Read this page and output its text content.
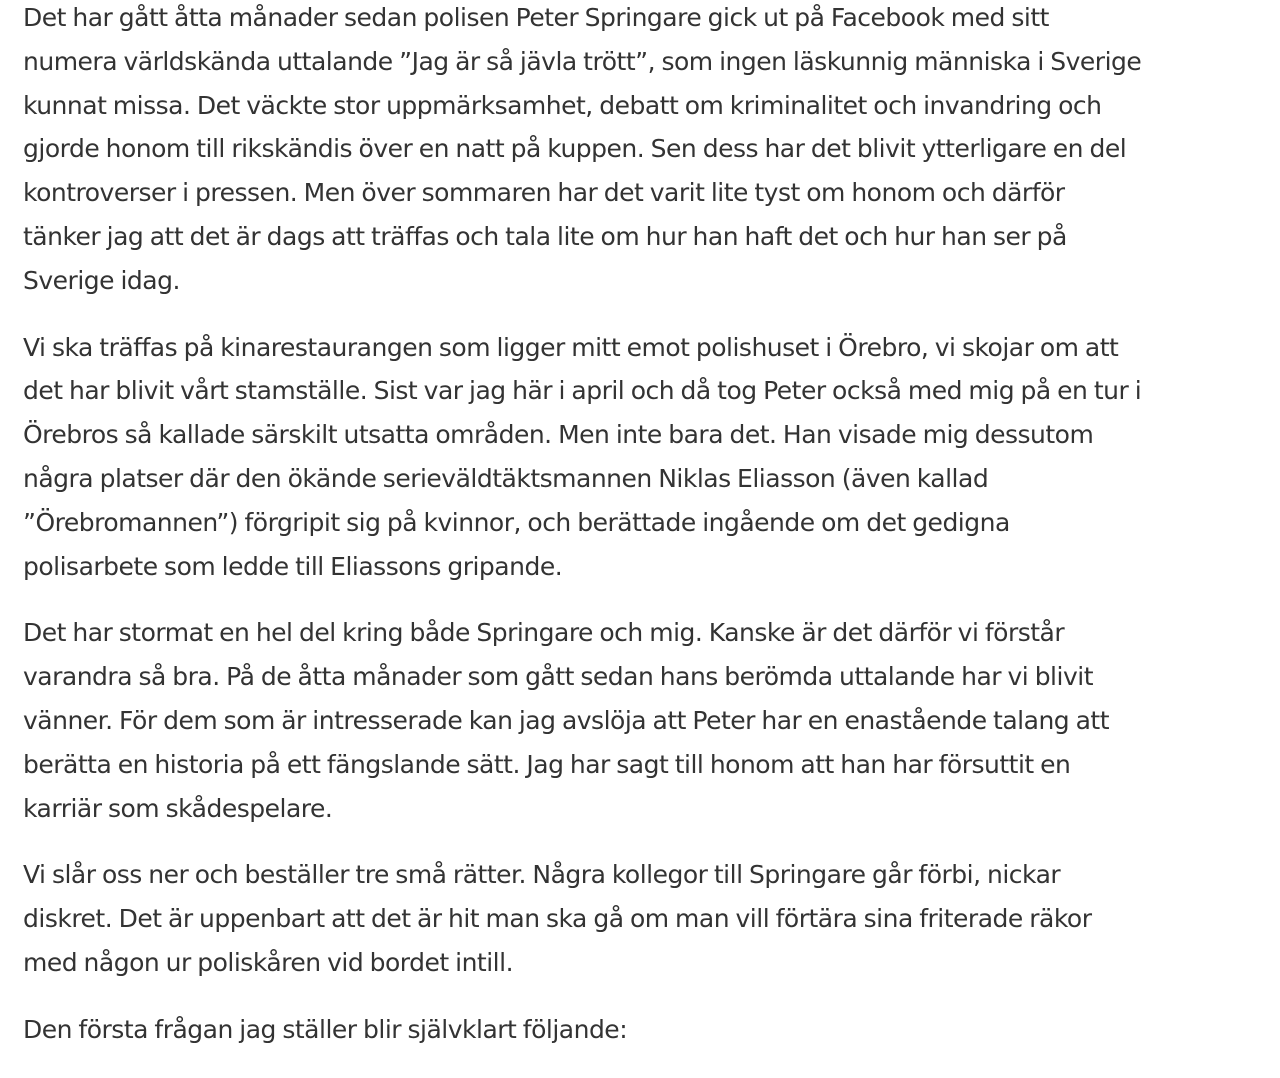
Det har gått åtta månader sedan polisen Peter Springare gick ut på Facebook med sitt
numera världskända uttalande ”Jag är så jävla trött”, som ingen läskunnig människa i Sverige
kunnat missa. Det väckte stor uppmärksamhet, debatt om kriminalitet och invandring och
gjorde honom till rikskändis över en natt på kuppen. Sen dess har det blivit ytterligare en del
kontroverser i pressen. Men över sommaren har det varit lite tyst om honom och därför
tänker jag att det är dags att träffas och tala lite om hur han haft det och hur han ser på
Sverige idag.

Vi ska träffas på kinarestaurangen som ligger mitt emot polishuset i Örebro, vi skojar om att
det har blivit vårt stamställe. Sist var jag här i april och då tog Peter också med mig på en tur i
Örebros så kallade särskilt utsatta områden. Men inte bara det. Han visade mig dessutom
några platser där den ökände serieväldtäktsmannen Niklas Eliasson (även kallad
”Örebromannen”) förgripit sig på kvinnor, och berättade ingående om det gedigna
polisarbete som ledde till Eliassons gripande.

Det har stormat en hel del kring både Springare och mig. Kanske är det därför vi förstår
varandra så bra. På de åtta månader som gått sedan hans berömda uttalande har vi blivit
vänner. För dem som är intresserade kan jag avslöja att Peter har en enastående talang att
berätta en historia på ett fängslande sätt. Jag har sagt till honom att han har försuttit en
karriär som skådespelare.

Vi slår oss ner och beställer tre små rätter. Några kollegor till Springare går förbi, nickar
diskret. Det är uppenbart att det är hit man ska gå om man vill förtära sina friterade räkor
med någon ur poliskåren vid bordet intill.

Den första frågan jag ställer blir självklart följande:
